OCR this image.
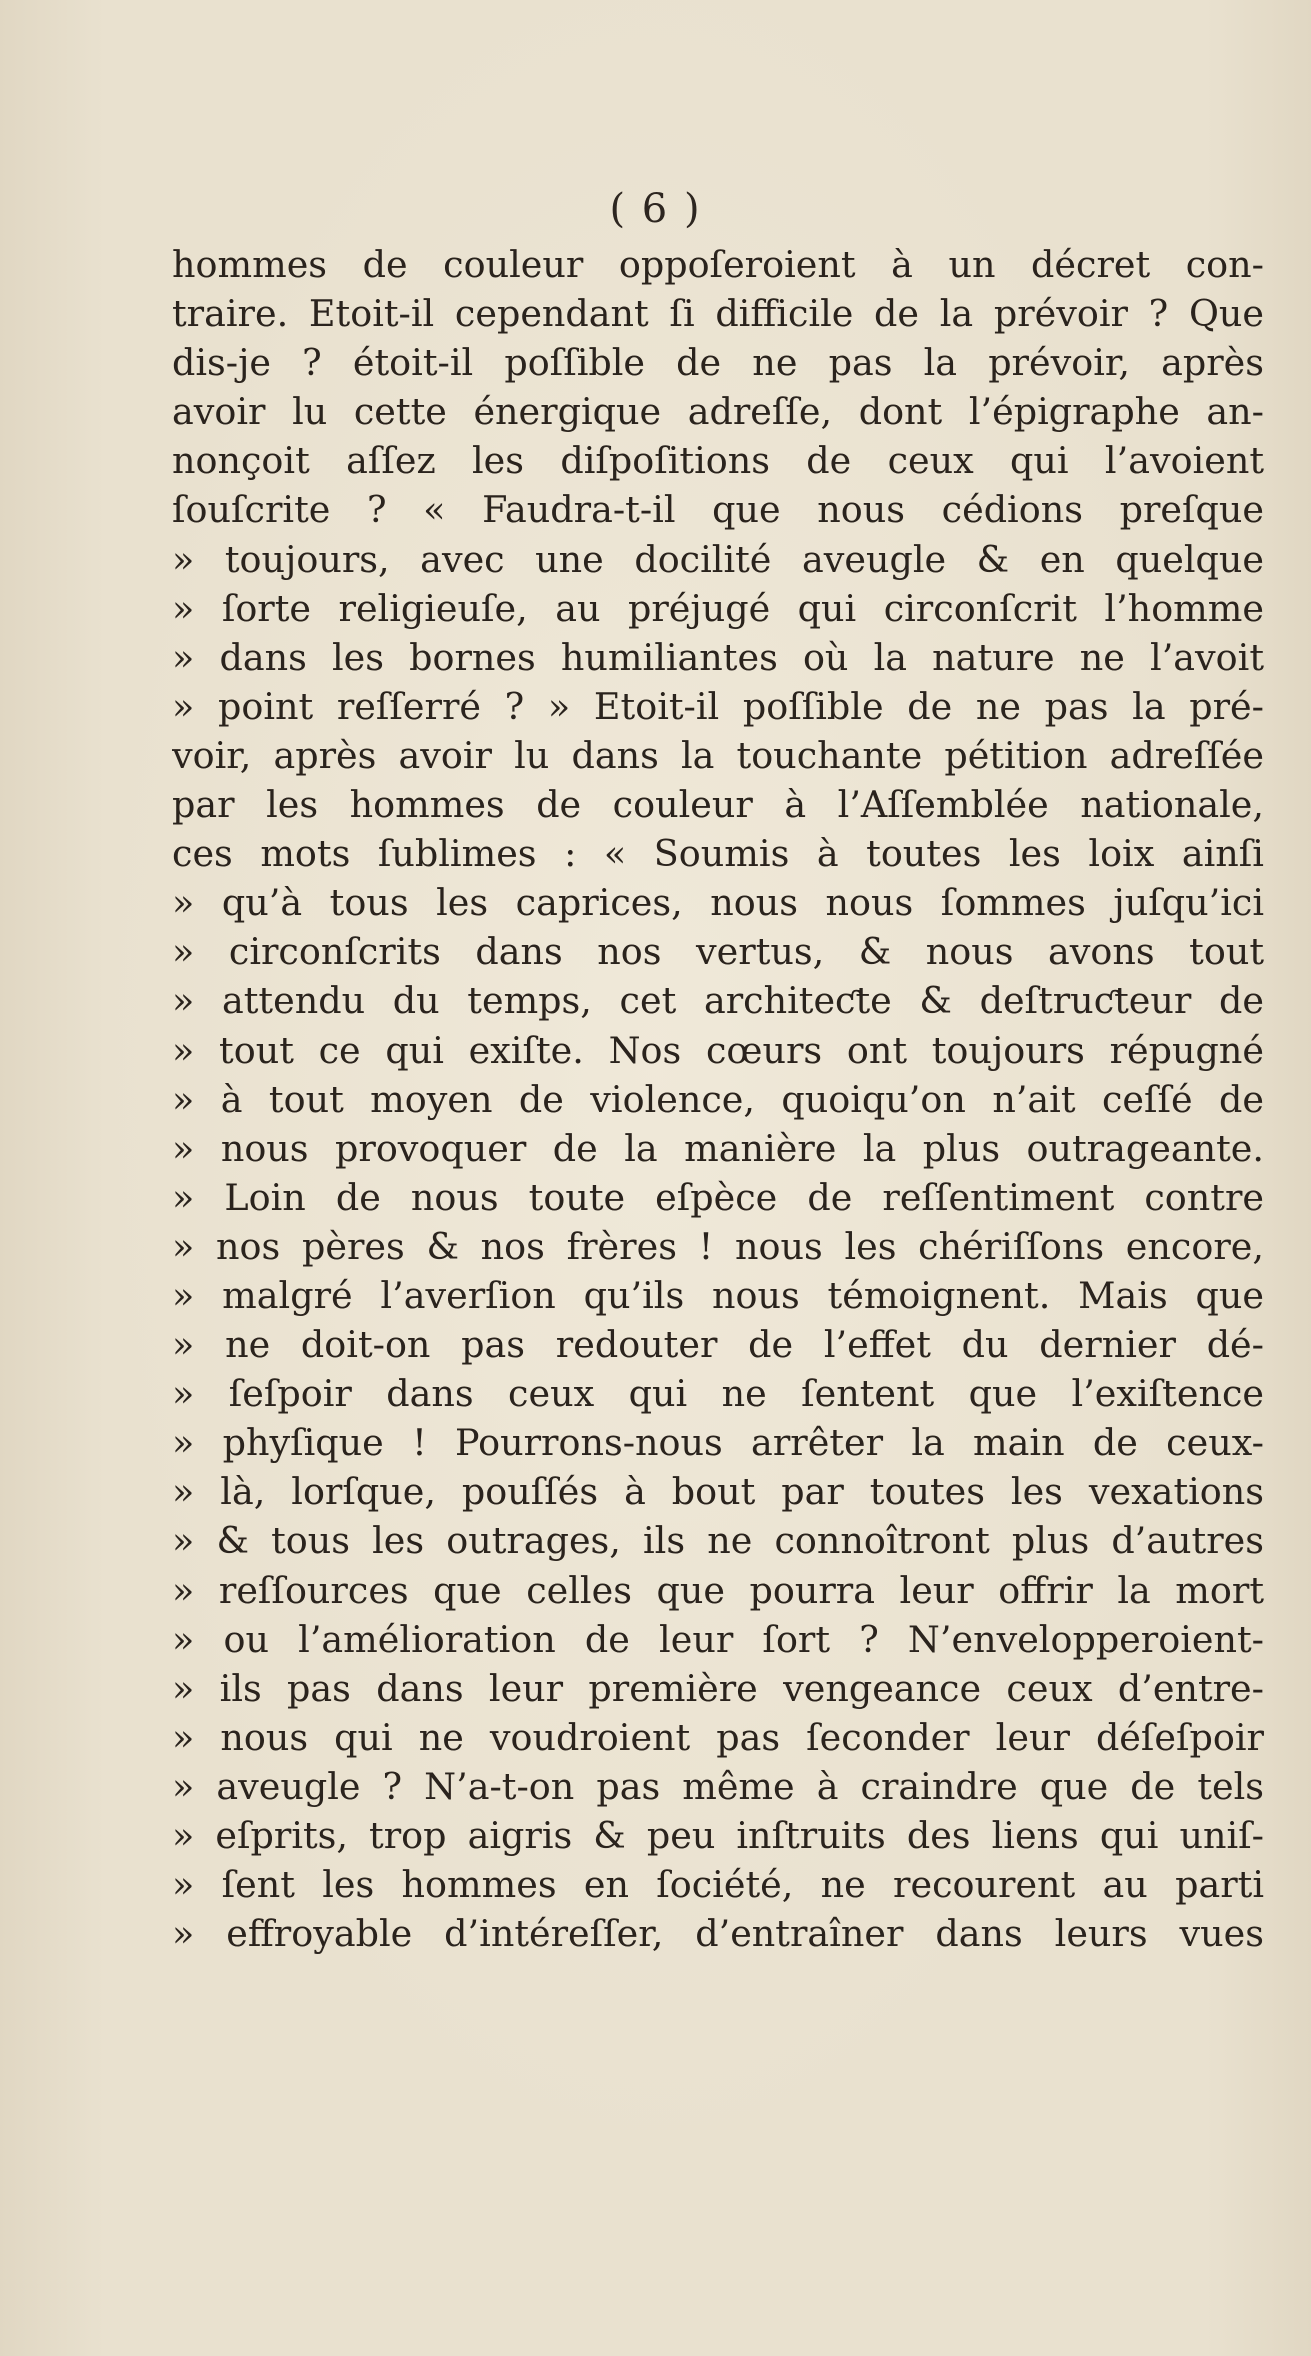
( 6 )
hommes de couleur oppoſeroient à un décret con-
traire. Etoit-il cependant ſi difficile de la prévoir ? Que
dis-je ? étoit-il poſſible de ne pas la prévoir, après
avoir lu cette énergique adreſſe, dont l’épigraphe an-
nonçoit aſſez les diſpoſitions de ceux qui l’avoient
ſouſcrite ? « Faudra-t-il que nous cédions preſque
» toujours, avec une docilité aveugle & en quelque
» ſorte religieuſe, au préjugé qui circonſcrit l’homme
» dans les bornes humiliantes où la nature ne l’avoit
» point reſſerré ? » Etoit-il poſſible de ne pas la pré-
voir, après avoir lu dans la touchante pétition adreſſée
par les hommes de couleur à l’Aſſemblée nationale,
ces mots ſublimes : « Soumis à toutes les loix ainſi
» qu’à tous les caprices, nous nous ſommes juſqu’ici
» circonſcrits dans nos vertus, & nous avons tout
» attendu du temps, cet architeƈte & deſtruƈteur de
» tout ce qui exiſte. Nos cœurs ont toujours répugné
» à tout moyen de violence, quoiqu’on n’ait ceſſé de
» nous provoquer de la manière la plus outrageante.
» Loin de nous toute eſpèce de reſſentiment contre
» nos pères & nos frères ! nous les chériſſons encore,
» malgré l’averſion qu’ils nous témoignent. Mais que
» ne doit-on pas redouter de l’effet du dernier dé-
» ſeſpoir dans ceux qui ne ſentent que l’exiſtence
» phyſique ! Pourrons-nous arrêter la main de ceux-
» là, lorſque, pouſſés à bout par toutes les vexations
» & tous les outrages, ils ne connoîtront plus d’autres
» reſſources que celles que pourra leur offrir la mort
» ou l’amélioration de leur ſort ? N’envelopperoient-
» ils pas dans leur première vengeance ceux d’entre-
» nous qui ne voudroient pas ſeconder leur déſeſpoir
» aveugle ? N’a-t-on pas même à craindre que de tels
» eſprits, trop aigris & peu inſtruits des liens qui uniſ-
» ſent les hommes en ſociété, ne recourent au parti
» effroyable d’intéreſſer, d’entraîner dans leurs vues
